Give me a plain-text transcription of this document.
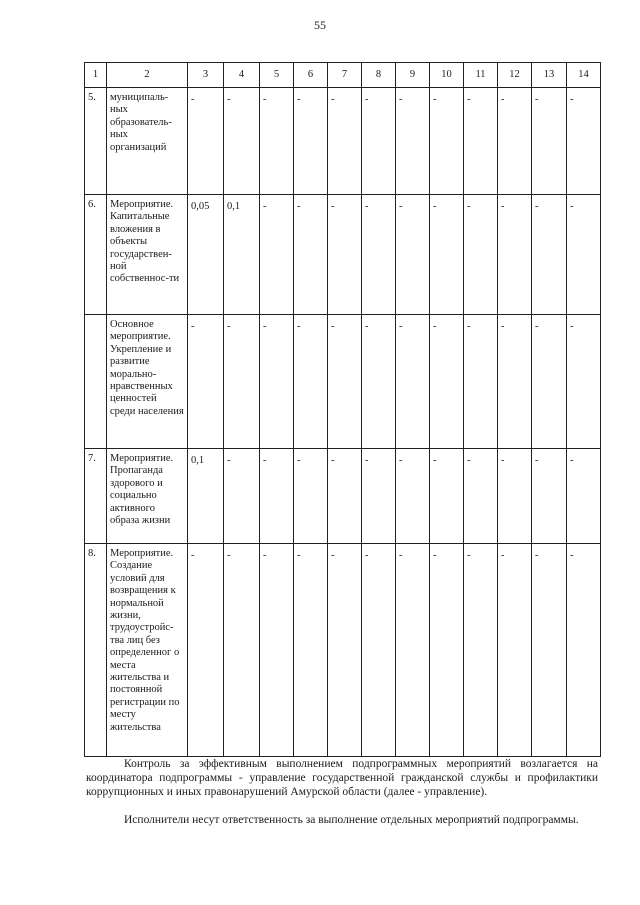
55
1	2	3	4	5	6	7	8	9	10	11	12	13	14
5.	муниципаль-ных образователь-ных организаций	-	-	-	-	-	-	-	-	-	-	-	-
6.	Мероприятие. Капитальные вложения в объекты государствен-ной собственнос-ти	0,05	0,1	-	-	-	-	-	-	-	-	-	-
	Основное мероприятие. Укрепление и развитие морально-нравственных ценностей среди населения	-	-	-	-	-	-	-	-	-	-	-	-
7.	Мероприятие. Пропаганда здорового и социально активного образа жизни	0,1	-	-	-	-	-	-	-	-	-	-	-
8.	Мероприятие. Создание условий для возвращения к нормальной жизни, трудоустройс-тва лиц без определенног о места жительства и постоянной регистрации по месту жительства	-	-	-	-	-	-	-	-	-	-	-	-

Контроль за эффективным выполнением подпрограммных мероприятий возлагается на координатора подпрограммы - управление государственной гражданской службы и профилактики коррупционных и иных правонарушений Амурской области (далее - управление).

Исполнители несут ответственность за выполнение отдельных мероприятий подпрограммы.
